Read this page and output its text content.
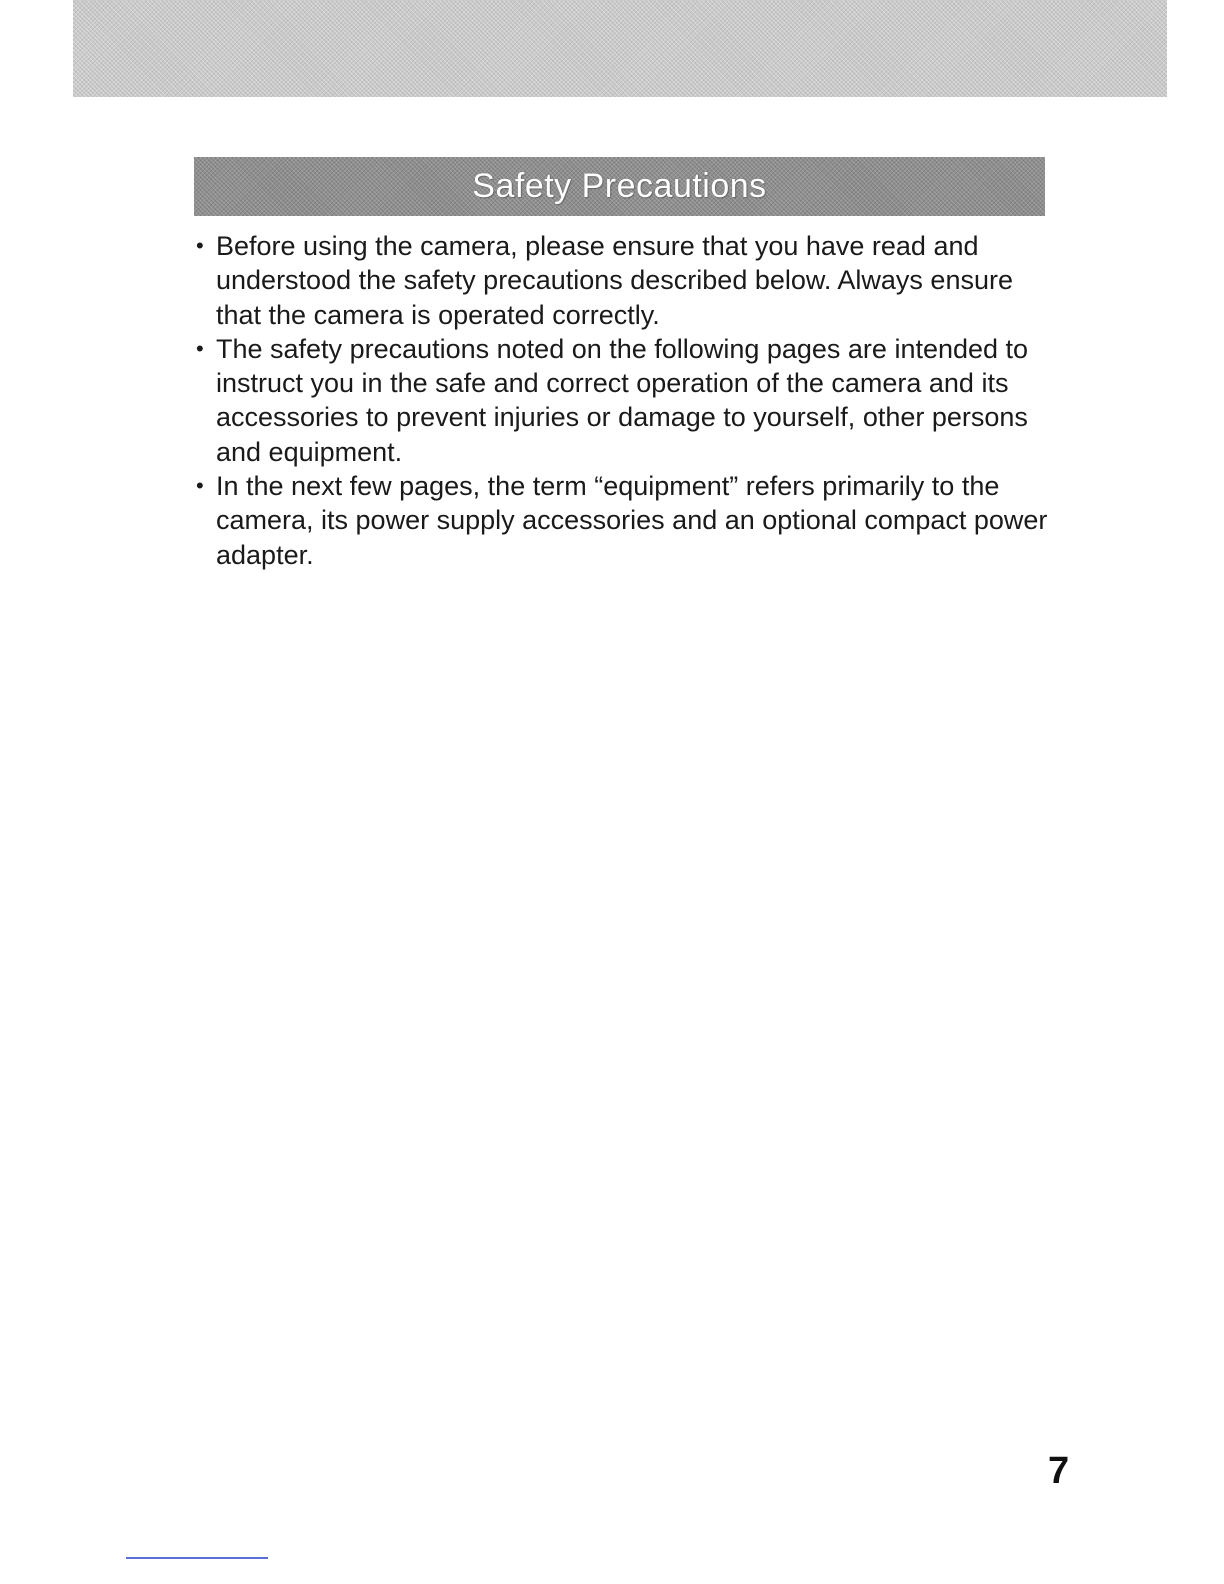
Safety Precautions
• Before using the camera, please ensure that you have read and understood the safety precautions described below. Always ensure that the camera is operated correctly.
• The safety precautions noted on the following pages are intended to instruct you in the safe and correct operation of the camera and its accessories to prevent injuries or damage to yourself, other persons and equipment.
• In the next few pages, the term “equipment” refers primarily to the camera, its power supply accessories and an optional compact power adapter.
7
